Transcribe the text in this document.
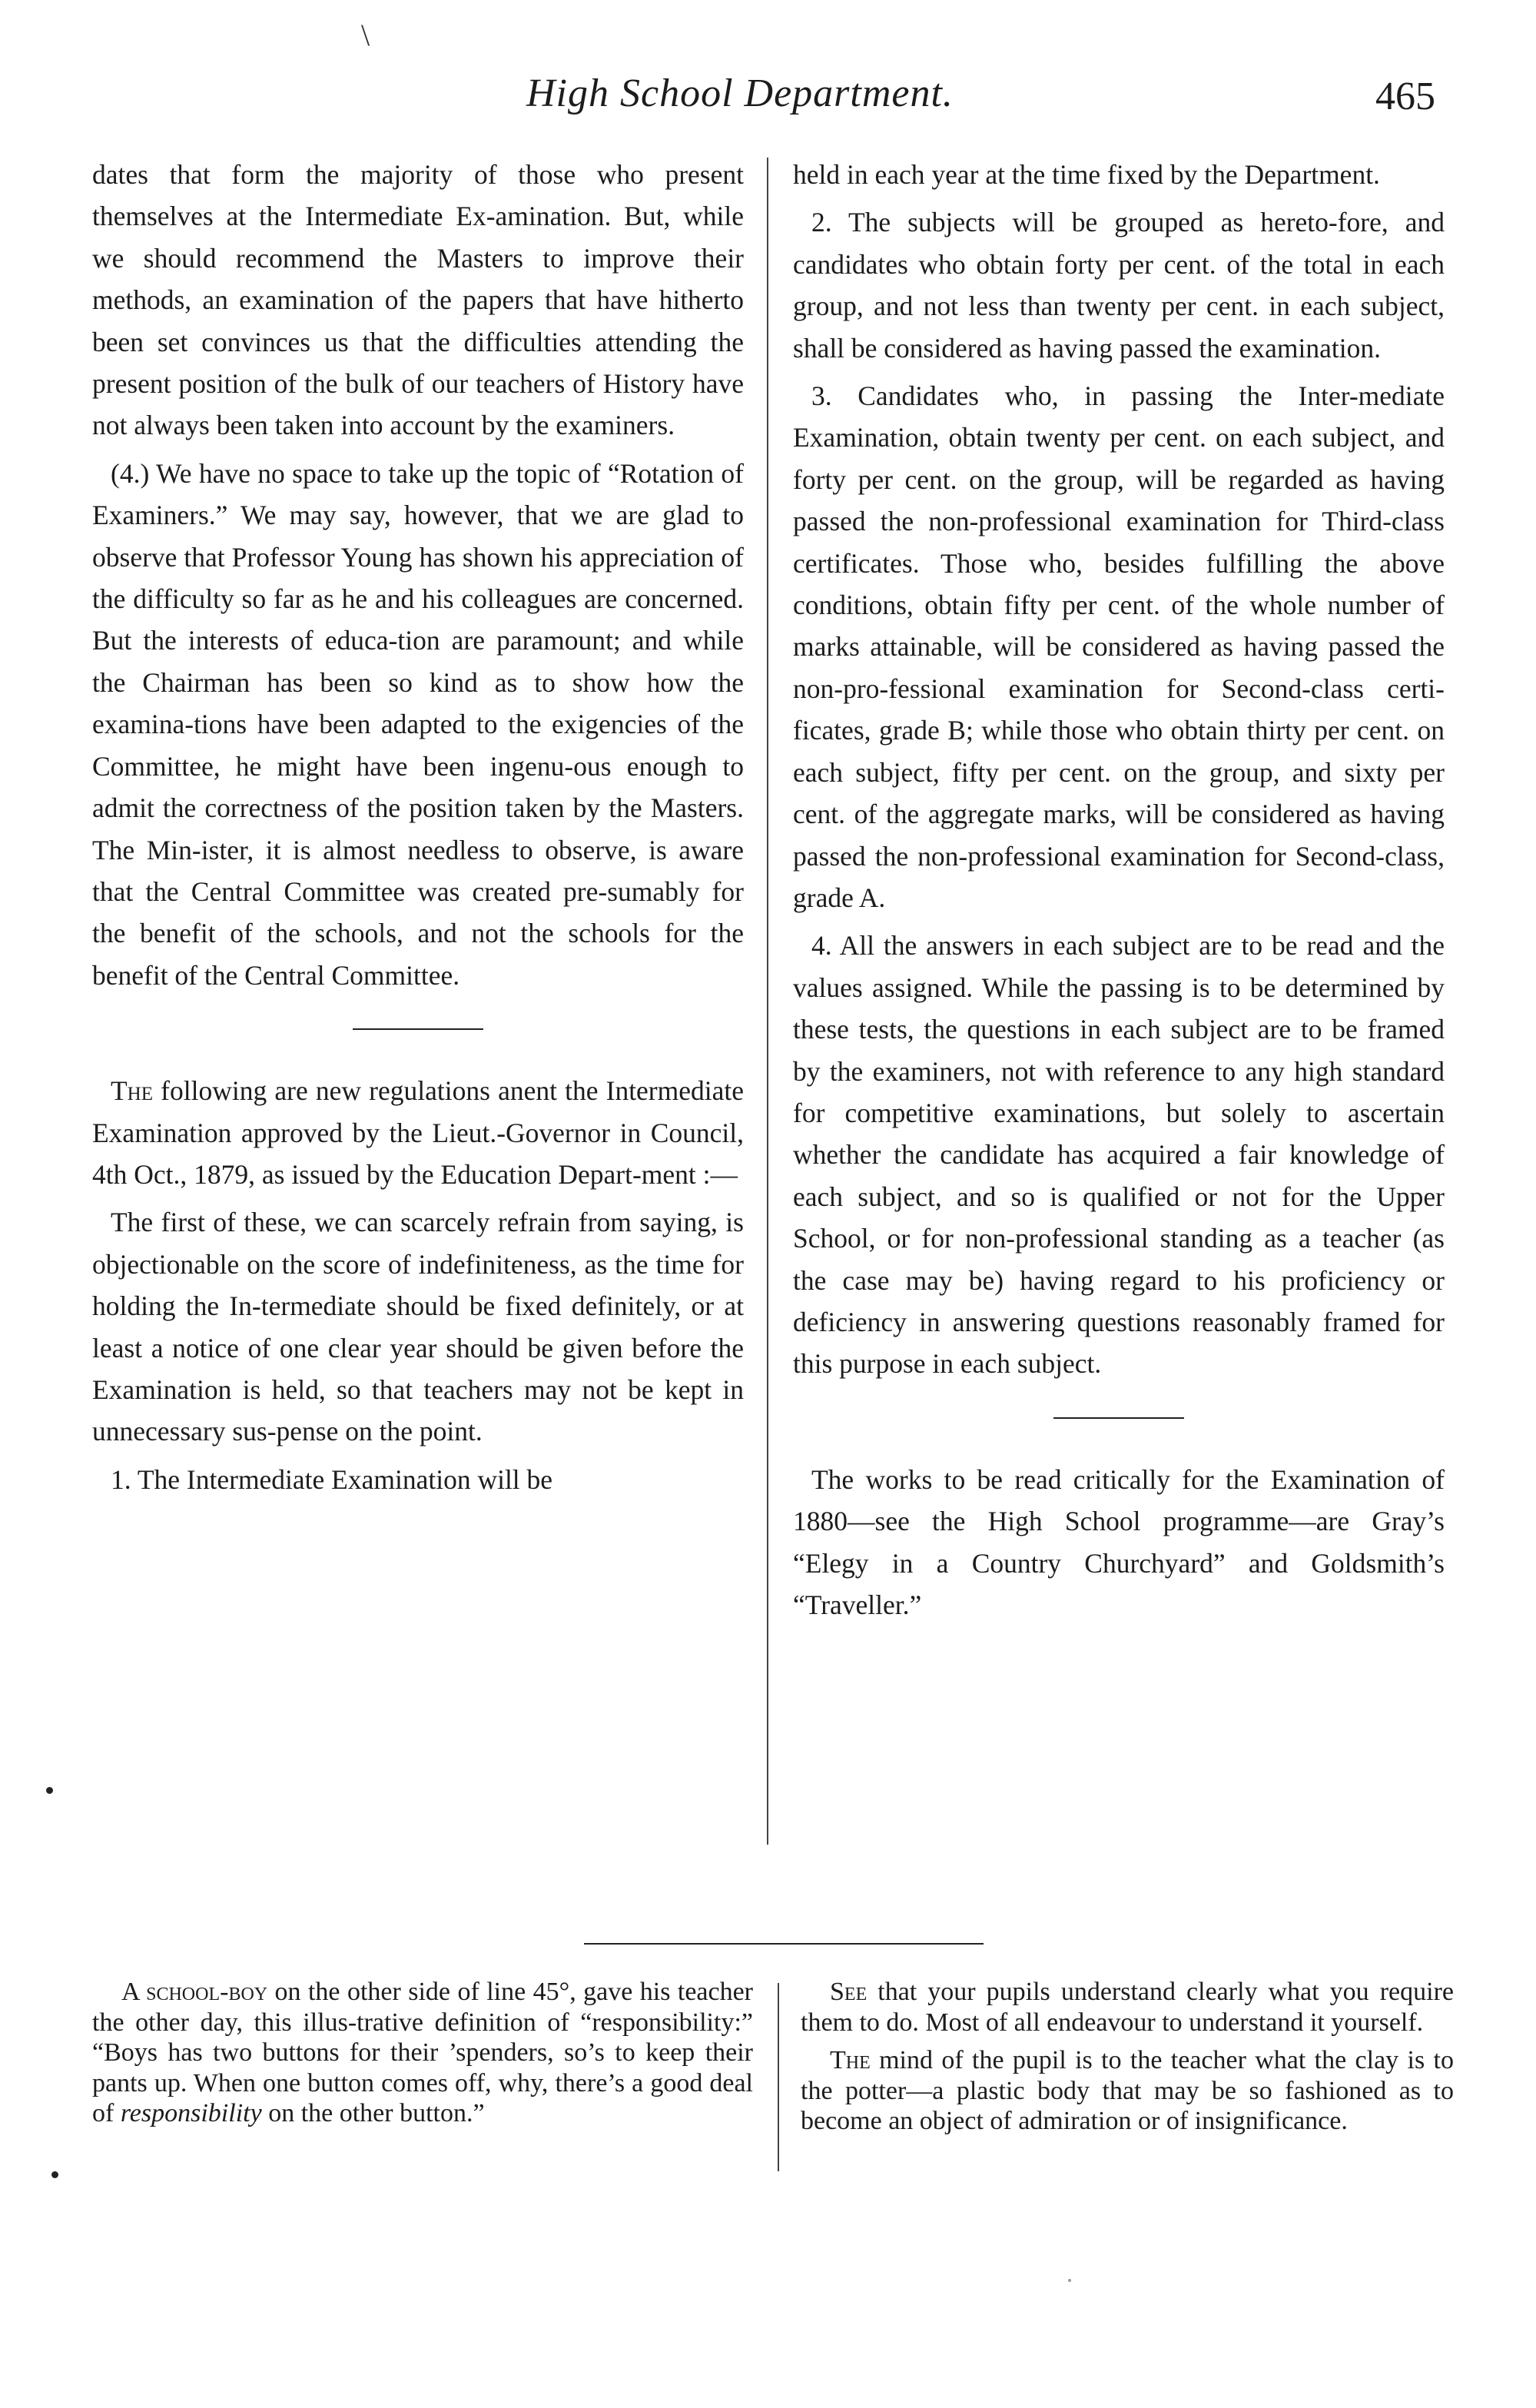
\
High School Department.	465

dates that form the majority of those who present themselves at the Intermediate Ex-amination. But, while we should recommend the Masters to improve their methods, an examination of the papers that have hitherto been set convinces us that the difficulties attending the present position of the bulk of our teachers of History have not always been taken into account by the examiners.

(4.) We have no space to take up the topic of “Rotation of Examiners.” We may say, however, that we are glad to observe that Professor Young has shown his appreciation of the difficulty so far as he and his colleagues are concerned. But the interests of educa-tion are paramount; and while the Chairman has been so kind as to show how the examina-tions have been adapted to the exigencies of the Committee, he might have been ingenu-ous enough to admit the correctness of the position taken by the Masters. The Min-ister, it is almost needless to observe, is aware that the Central Committee was created pre-sumably for the benefit of the schools, and not the schools for the benefit of the Central Committee.

The following are new regulations anent the Intermediate Examination approved by the Lieut.-Governor in Council, 4th Oct., 1879, as issued by the Education Depart-ment :—

The first of these, we can scarcely refrain from saying, is objectionable on the score of indefiniteness, as the time for holding the In-termediate should be fixed definitely, or at least a notice of one clear year should be given before the Examination is held, so that teachers may not be kept in unnecessary sus-pense on the point.

1. The Intermediate Examination will be

held in each year at the time fixed by the Department.

2. The subjects will be grouped as hereto-fore, and candidates who obtain forty per cent. of the total in each group, and not less than twenty per cent. in each subject, shall be considered as having passed the examination.

3. Candidates who, in passing the Inter-mediate Examination, obtain twenty per cent. on each subject, and forty per cent. on the group, will be regarded as having passed the non-professional examination for Third-class certificates. Those who, besides fulfilling the above conditions, obtain fifty per cent. of the whole number of marks attainable, will be considered as having passed the non-pro-fessional examination for Second-class certi-ficates, grade B; while those who obtain thirty per cent. on each subject, fifty per cent. on the group, and sixty per cent. of the aggregate marks, will be considered as having passed the non-professional examination for Second-class, grade A.

4. All the answers in each subject are to be read and the values assigned. While the passing is to be determined by these tests, the questions in each subject are to be framed by the examiners, not with reference to any high standard for competitive examinations, but solely to ascertain whether the candidate has acquired a fair knowledge of each subject, and so is qualified or not for the Upper School, or for non-professional standing as a teacher (as the case may be) having regard to his proficiency or deficiency in answering questions reasonably framed for this purpose in each subject.

The works to be read critically for the Examination of 1880—see the High School programme—are Gray’s “Elegy in a Country Churchyard” and Goldsmith’s “Traveller.”

A school-boy on the other side of line 45°, gave his teacher the other day, this illus-trative definition of “responsibility:” “Boys has two buttons for their ’spenders, so’s to keep their pants up. When one button comes off, why, there’s a good deal of responsibility on the other button.”

See that your pupils understand clearly what you require them to do. Most of all endeavour to understand it yourself.

The mind of the pupil is to the teacher what the clay is to the potter—a plastic body that may be so fashioned as to become an object of admiration or of insignificance.
